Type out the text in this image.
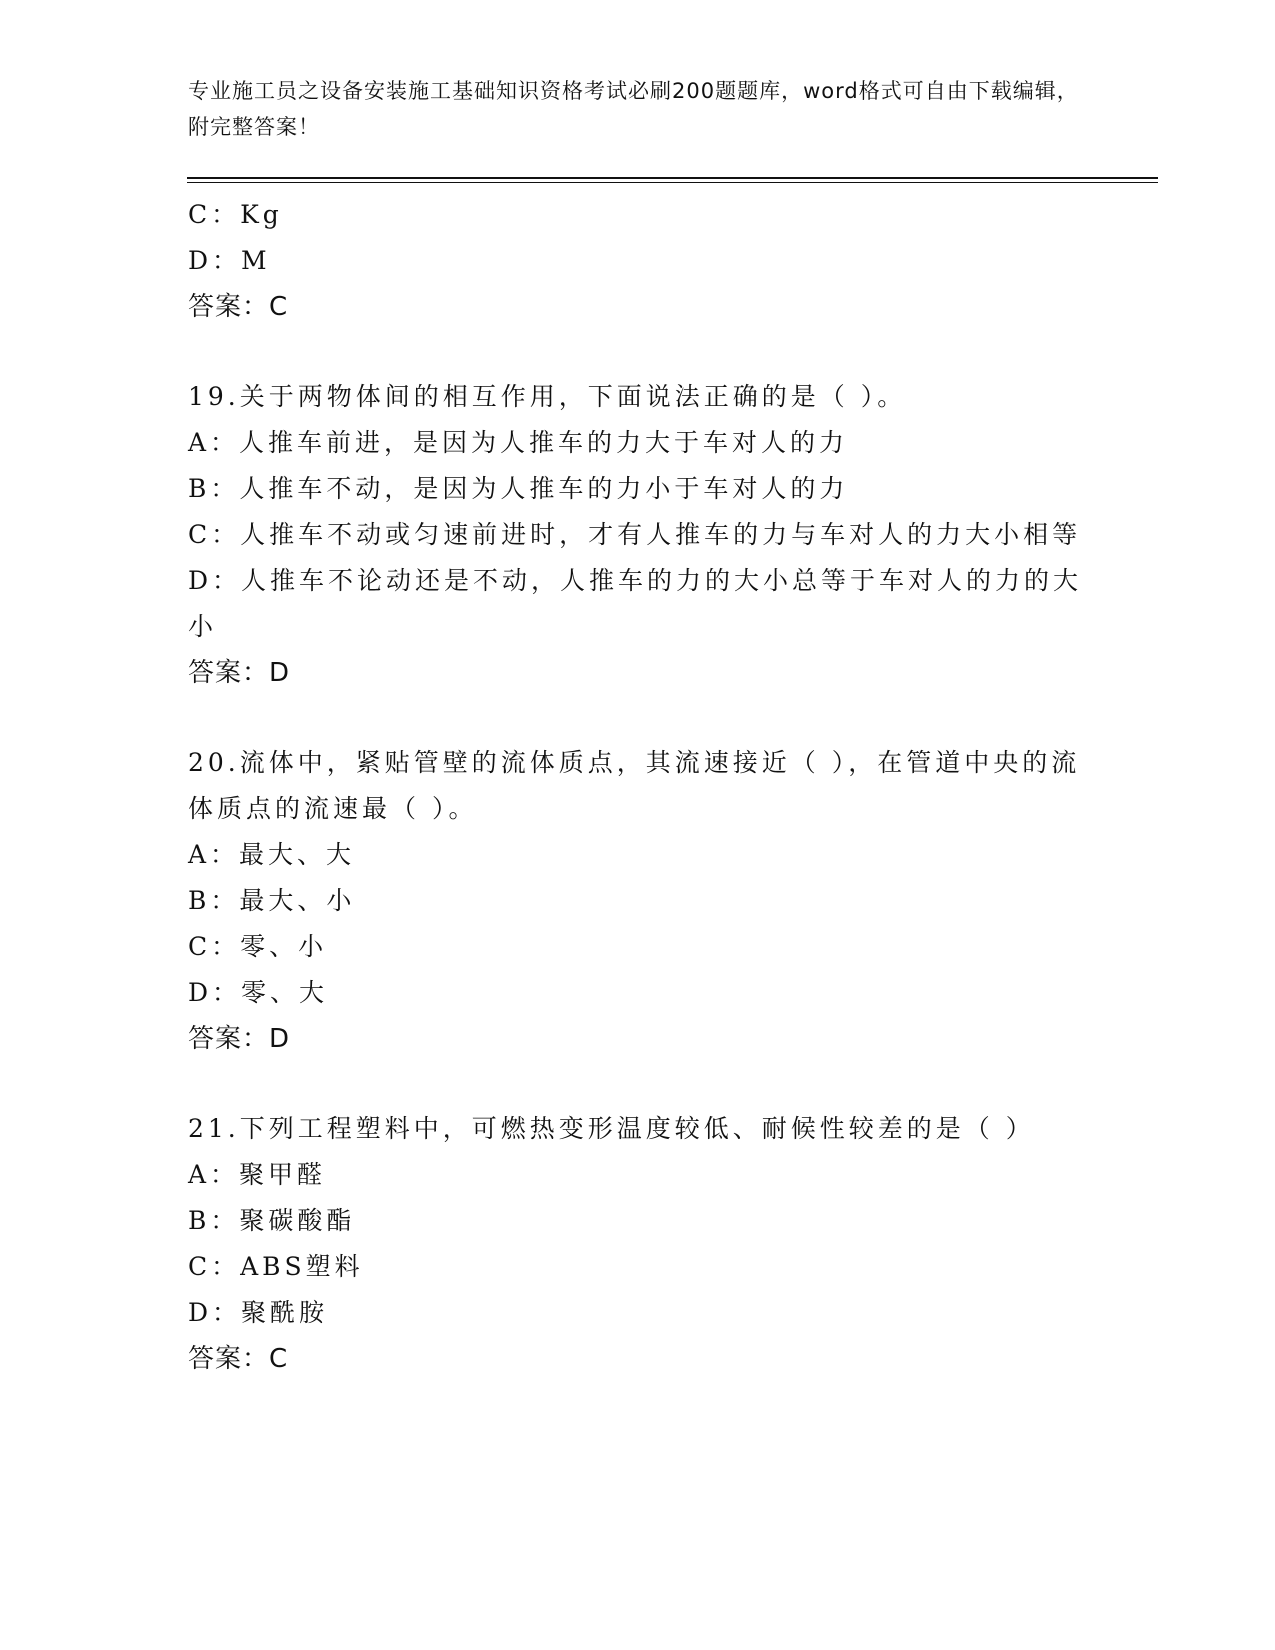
专业施工员之设备安装施工基础知识资格考试必刷200题题库，word格式可自由下载编辑，附完整答案！
C：Kg
D：M
答案：C
19.关于两物体间的相互作用，下面说法正确的是（ ）。
A：人推车前进，是因为人推车的力大于车对人的力
B：人推车不动，是因为人推车的力小于车对人的力
C：人推车不动或匀速前进时，才有人推车的力与车对人的力大小相等
D：人推车不论动还是不动，人推车的力的大小总等于车对人的力的大小
答案：D
20.流体中，紧贴管壁的流体质点，其流速接近（ ），在管道中央的流体质点的流速最（ ）。
A：最大、大
B：最大、小
C：零、小
D：零、大
答案：D
21.下列工程塑料中，可燃热变形温度较低、耐候性较差的是（ ）
A：聚甲醛
B：聚碳酸酯
C：ABS塑料
D：聚酰胺
答案：C
